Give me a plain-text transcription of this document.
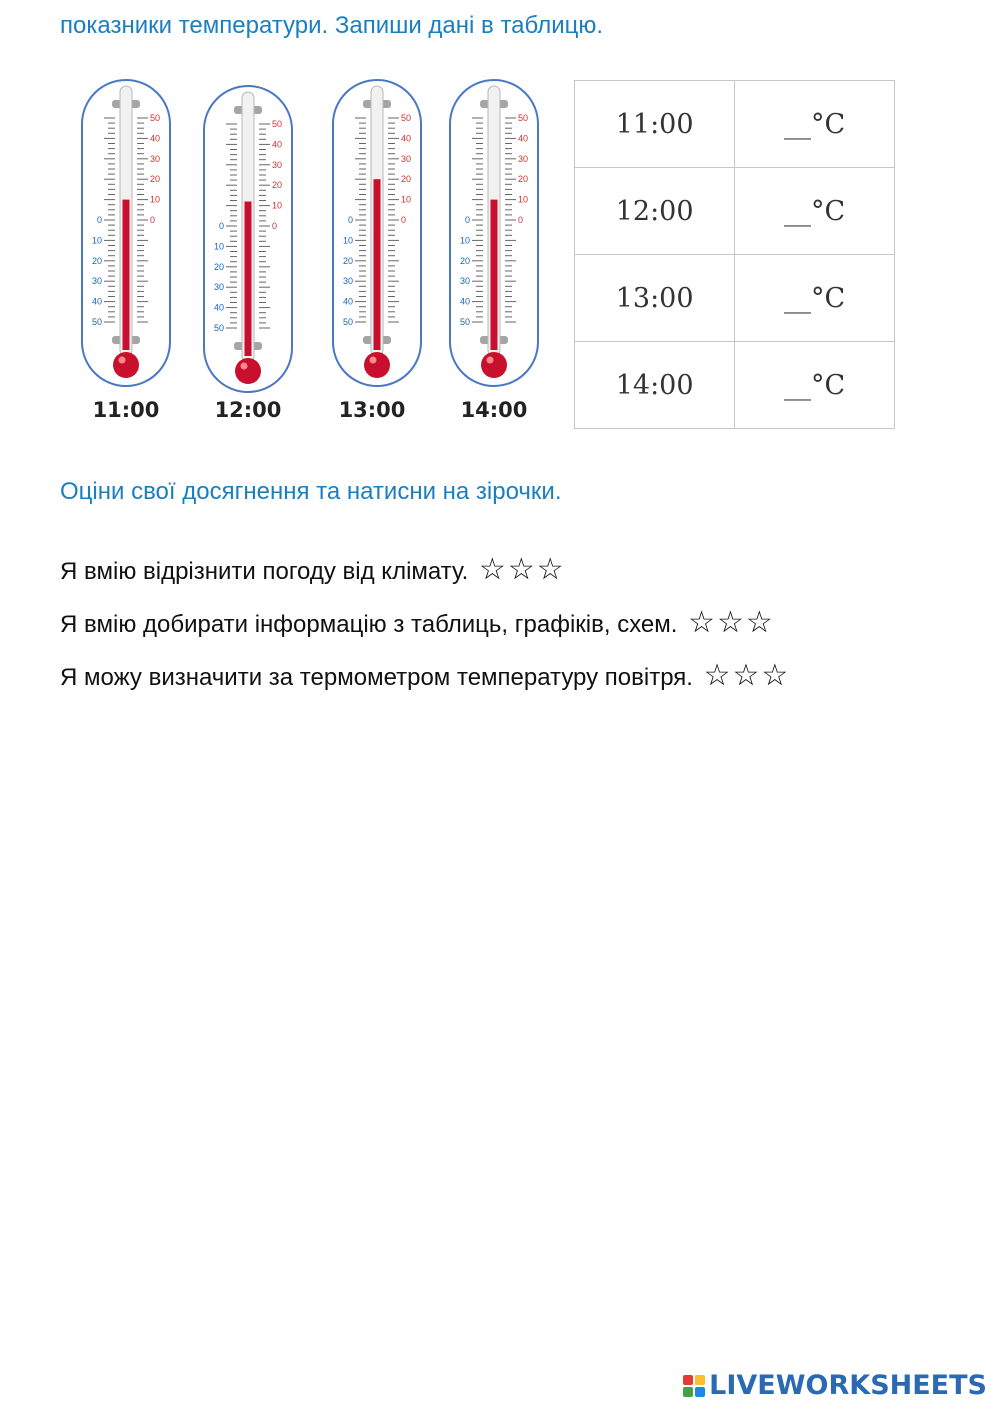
показники температури. Запиши дані в таблицю.
50
40
30
20
10
0
0
10
20
30
40
50
50
40
30
20
10
0
0
10
20
30
40
50
50
40
30
20
10
0
0
10
20
30
40
50
50
40
30
20
10
0
0
10
20
30
40
50
11:00	12:00	13:00	14:00
11:00	__°C
12:00	__°C
13:00	__°C
14:00	__°C
Оціни свої досягнення та натисни на зірочки.
Я вмію відрізнити погоду від клімату. ☆☆☆
Я вмію добирати інформацію з таблиць, графіків, схем. ☆☆☆
Я можу визначити за термометром температуру повітря. ☆☆☆
LIVEWORKSHEETS
